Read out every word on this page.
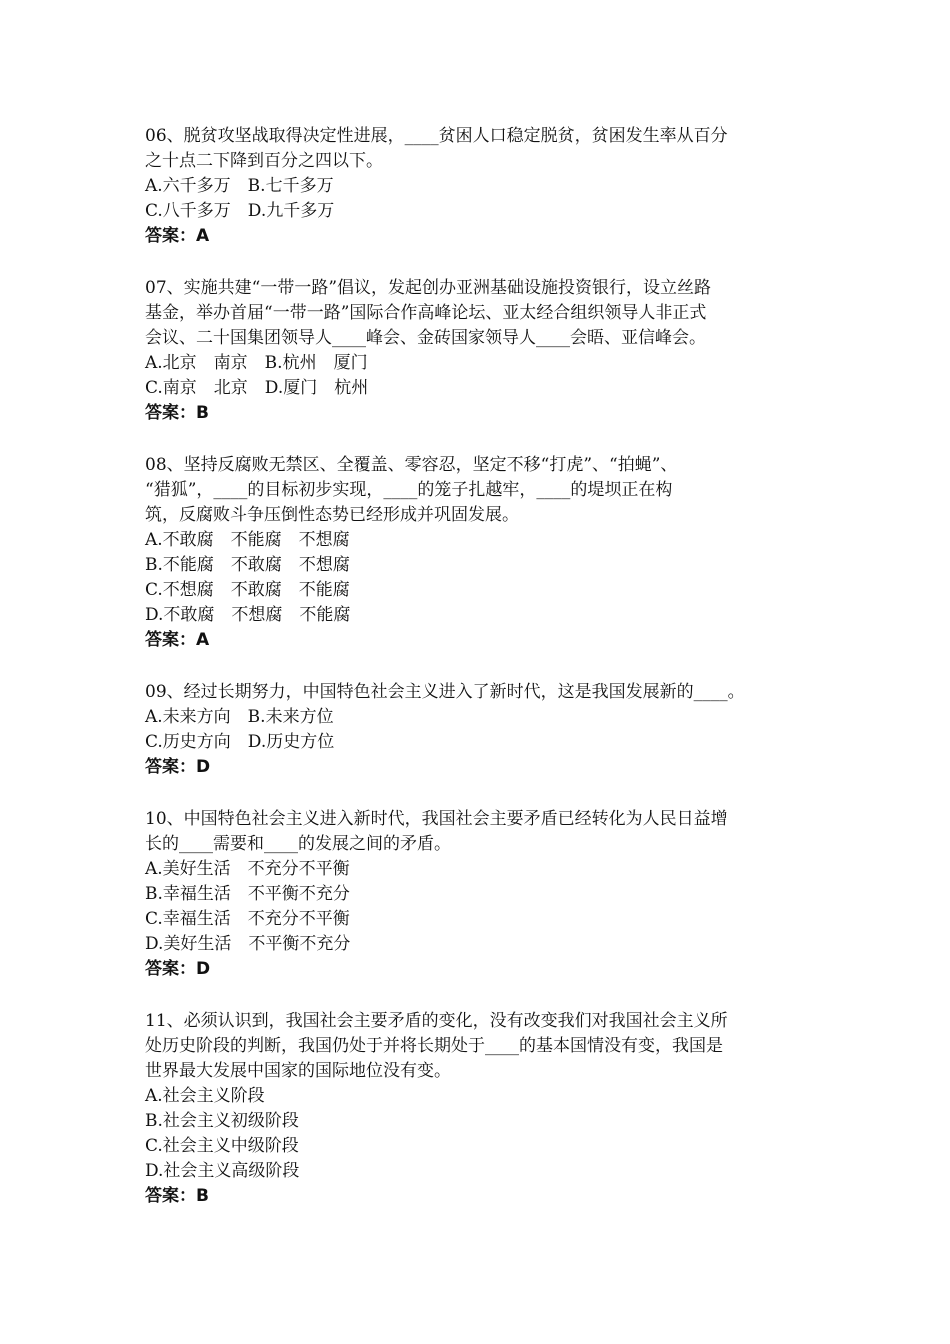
06、脱贫攻坚战取得决定性进展，____贫困人口稳定脱贫，贫困发生率从百分
之十点二下降到百分之四以下。
A.六千多万　B.七千多万
C.八千多万　D.九千多万
答案：A
07、实施共建“一带一路”倡议，发起创办亚洲基础设施投资银行，设立丝路
基金，举办首届“一带一路”国际合作高峰论坛、亚太经合组织领导人非正式
会议、二十国集团领导人____峰会、金砖国家领导人____会晤、亚信峰会。
A.北京　南京　B.杭州　厦门
C.南京　北京　D.厦门　杭州
答案：B
08、坚持反腐败无禁区、全覆盖、零容忍，坚定不移“打虎”、“拍蝇”、
“猎狐”，____的目标初步实现，____的笼子扎越牢，____的堤坝正在构
筑，反腐败斗争压倒性态势已经形成并巩固发展。
A.不敢腐　不能腐　不想腐
B.不能腐　不敢腐　不想腐
C.不想腐　不敢腐　不能腐
D.不敢腐　不想腐　不能腐
答案：A
09、经过长期努力，中国特色社会主义进入了新时代，这是我国发展新的____。
A.未来方向　B.未来方位
C.历史方向　D.历史方位
答案：D
10、中国特色社会主义进入新时代，我国社会主要矛盾已经转化为人民日益增
长的____需要和____的发展之间的矛盾。
A.美好生活　不充分不平衡
B.幸福生活　不平衡不充分
C.幸福生活　不充分不平衡
D.美好生活　不平衡不充分
答案：D
11、必须认识到，我国社会主要矛盾的变化，没有改变我们对我国社会主义所
处历史阶段的判断，我国仍处于并将长期处于____的基本国情没有变，我国是
世界最大发展中国家的国际地位没有变。
A.社会主义阶段
B.社会主义初级阶段
C.社会主义中级阶段
D.社会主义高级阶段
答案：B
